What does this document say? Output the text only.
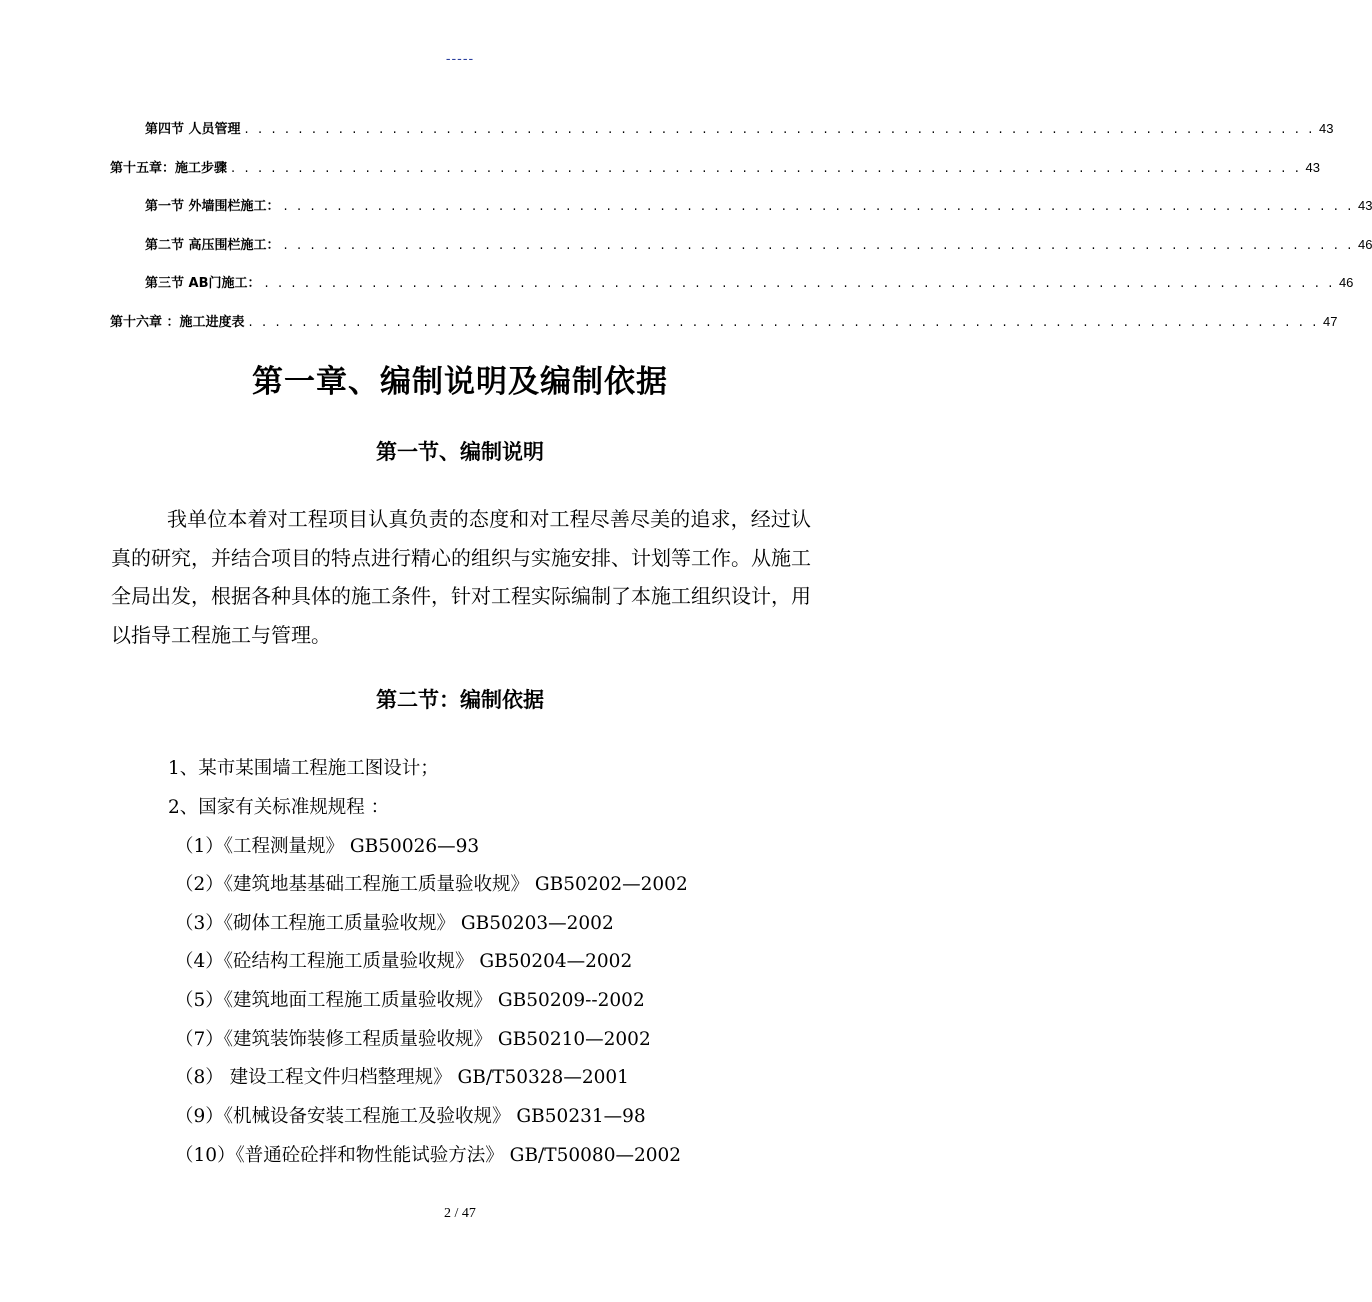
-----
第四节 人员管理 . . . . . . . . . . . . . . . . . . . . . . . . . . . . . . . . . . . . . . . . . . . . . . . . . . . . . . . . . . . . . . . . . . . . . . . . . . . . . . . . 43
第十五章：施工步骤 . . . . . . . . . . . . . . . . . . . . . . . . . . . . . . . . . . . . . . . . . . . . . . . . . . . . . . . . . . . . . . . . . . . . . . . . . . . . . . . . 43
第一节 外墙围栏施工： . . . . . . . . . . . . . . . . . . . . . . . . . . . . . . . . . . . . . . . . . . . . . . . . . . . . . . . . . . . . . . . . . . . . . . . . . . . . . . . . 43
第二节 高压围栏施工： . . . . . . . . . . . . . . . . . . . . . . . . . . . . . . . . . . . . . . . . . . . . . . . . . . . . . . . . . . . . . . . . . . . . . . . . . . . . . . . . 46
第三节 AB门施工： . . . . . . . . . . . . . . . . . . . . . . . . . . . . . . . . . . . . . . . . . . . . . . . . . . . . . . . . . . . . . . . . . . . . . . . . . . . . . . . . 46
第十六章 ：施工进度表 . . . . . . . . . . . . . . . . . . . . . . . . . . . . . . . . . . . . . . . . . . . . . . . . . . . . . . . . . . . . . . . . . . . . . . . . . . . . . . . . 47
第一章、编制说明及编制依据
第一节、编制说明

我单位本着对工程项目认真负责的态度和对工程尽善尽美的追求，经过认真的研究，并结合项目的特点进行精心的组织与实施安排、计划等工作。从施工全局出发，根据各种具体的施工条件，针对工程实际编制了本施工组织设计，用以指导工程施工与管理。

第二节：编制依据
1、某市某围墙工程施工图设计；
2、国家有关标准规规程 ：
（1）《工程测量规》 GB50026—93
（2）《建筑地基基础工程施工质量验收规》 GB50202—2002
（3）《砌体工程施工质量验收规》 GB50203—2002
（4）《砼结构工程施工质量验收规》 GB50204—2002
（5）《建筑地面工程施工质量验收规》 GB50209--2002
（7）《建筑装饰装修工程质量验收规》 GB50210—2002
（8） 建设工程文件归档整理规》 GB/T50328—2001
（9）《机械设备安装工程施工及验收规》 GB50231—98
（10）《普通砼砼拌和物性能试验方法》 GB/T50080—2002
2 / 47
